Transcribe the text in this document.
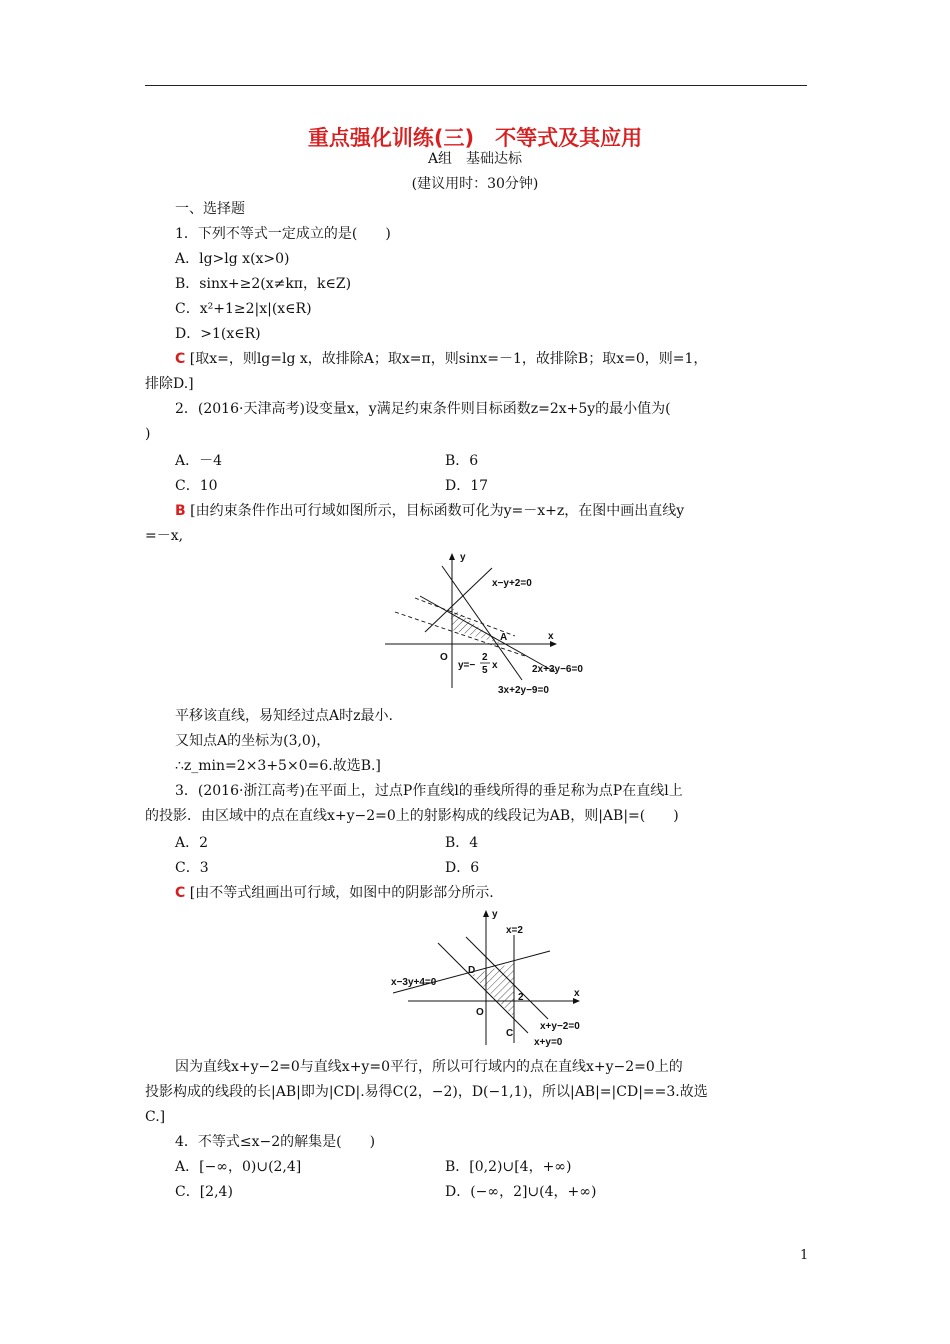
重点强化训练(三)　不等式及其应用
A组　基础达标
(建议用时：30分钟)
一、选择题
1．下列不等式一定成立的是(　　)
A．lg>lg x(x>0)
B．sinx+≥2(x≠kπ，k∈Z)
C．x²+1≥2|x|(x∈R)
D．>1(x∈R)
C [取x=，则lg=lg x，故排除A；取x=π，则sinx=－1，故排除B；取x=0，则=1，
排除D.]
2．(2016·天津高考)设变量x，y满足约束条件则目标函数z=2x+5y的最小值为(
)
A．－4	B．6
C．10	D．17
B [由约束条件作出可行域如图所示，目标函数可化为y=－x+z，在图中画出直线y
=－x,
y
x
O
A
x−y+2=0
2x+3y−6=0
3x+2y−9=0
y=−
2
5 x
平移该直线，易知经过点A时z最小.
又知点A的坐标为(3,0)，
∴z_min=2×3+5×0=6.故选B.]
3．(2016·浙江高考)在平面上，过点P作直线l的垂线所得的垂足称为点P在直线l上
的投影．由区域中的点在直线x+y−2=0上的射影构成的线段记为AB，则|AB|=(　　)
A．2	B．4
C．3	D．6
C [由不等式组画出可行域，如图中的阴影部分所示.
y
x
O
D
C
2
x=2
x−3y+4=0
x+y−2=0
x+y=0
因为直线x+y−2=0与直线x+y=0平行，所以可行域内的点在直线x+y−2=0上的
投影构成的线段的长|AB|即为|CD|.易得C(2，−2)，D(−1,1)，所以|AB|=|CD|==3.故选
C.]
4．不等式≤x−2的解集是(　　)
A．[−∞，0)∪(2,4]	B．[0,2)∪[4，+∞)
C．[2,4)	D．(−∞，2]∪(4，+∞)
1
